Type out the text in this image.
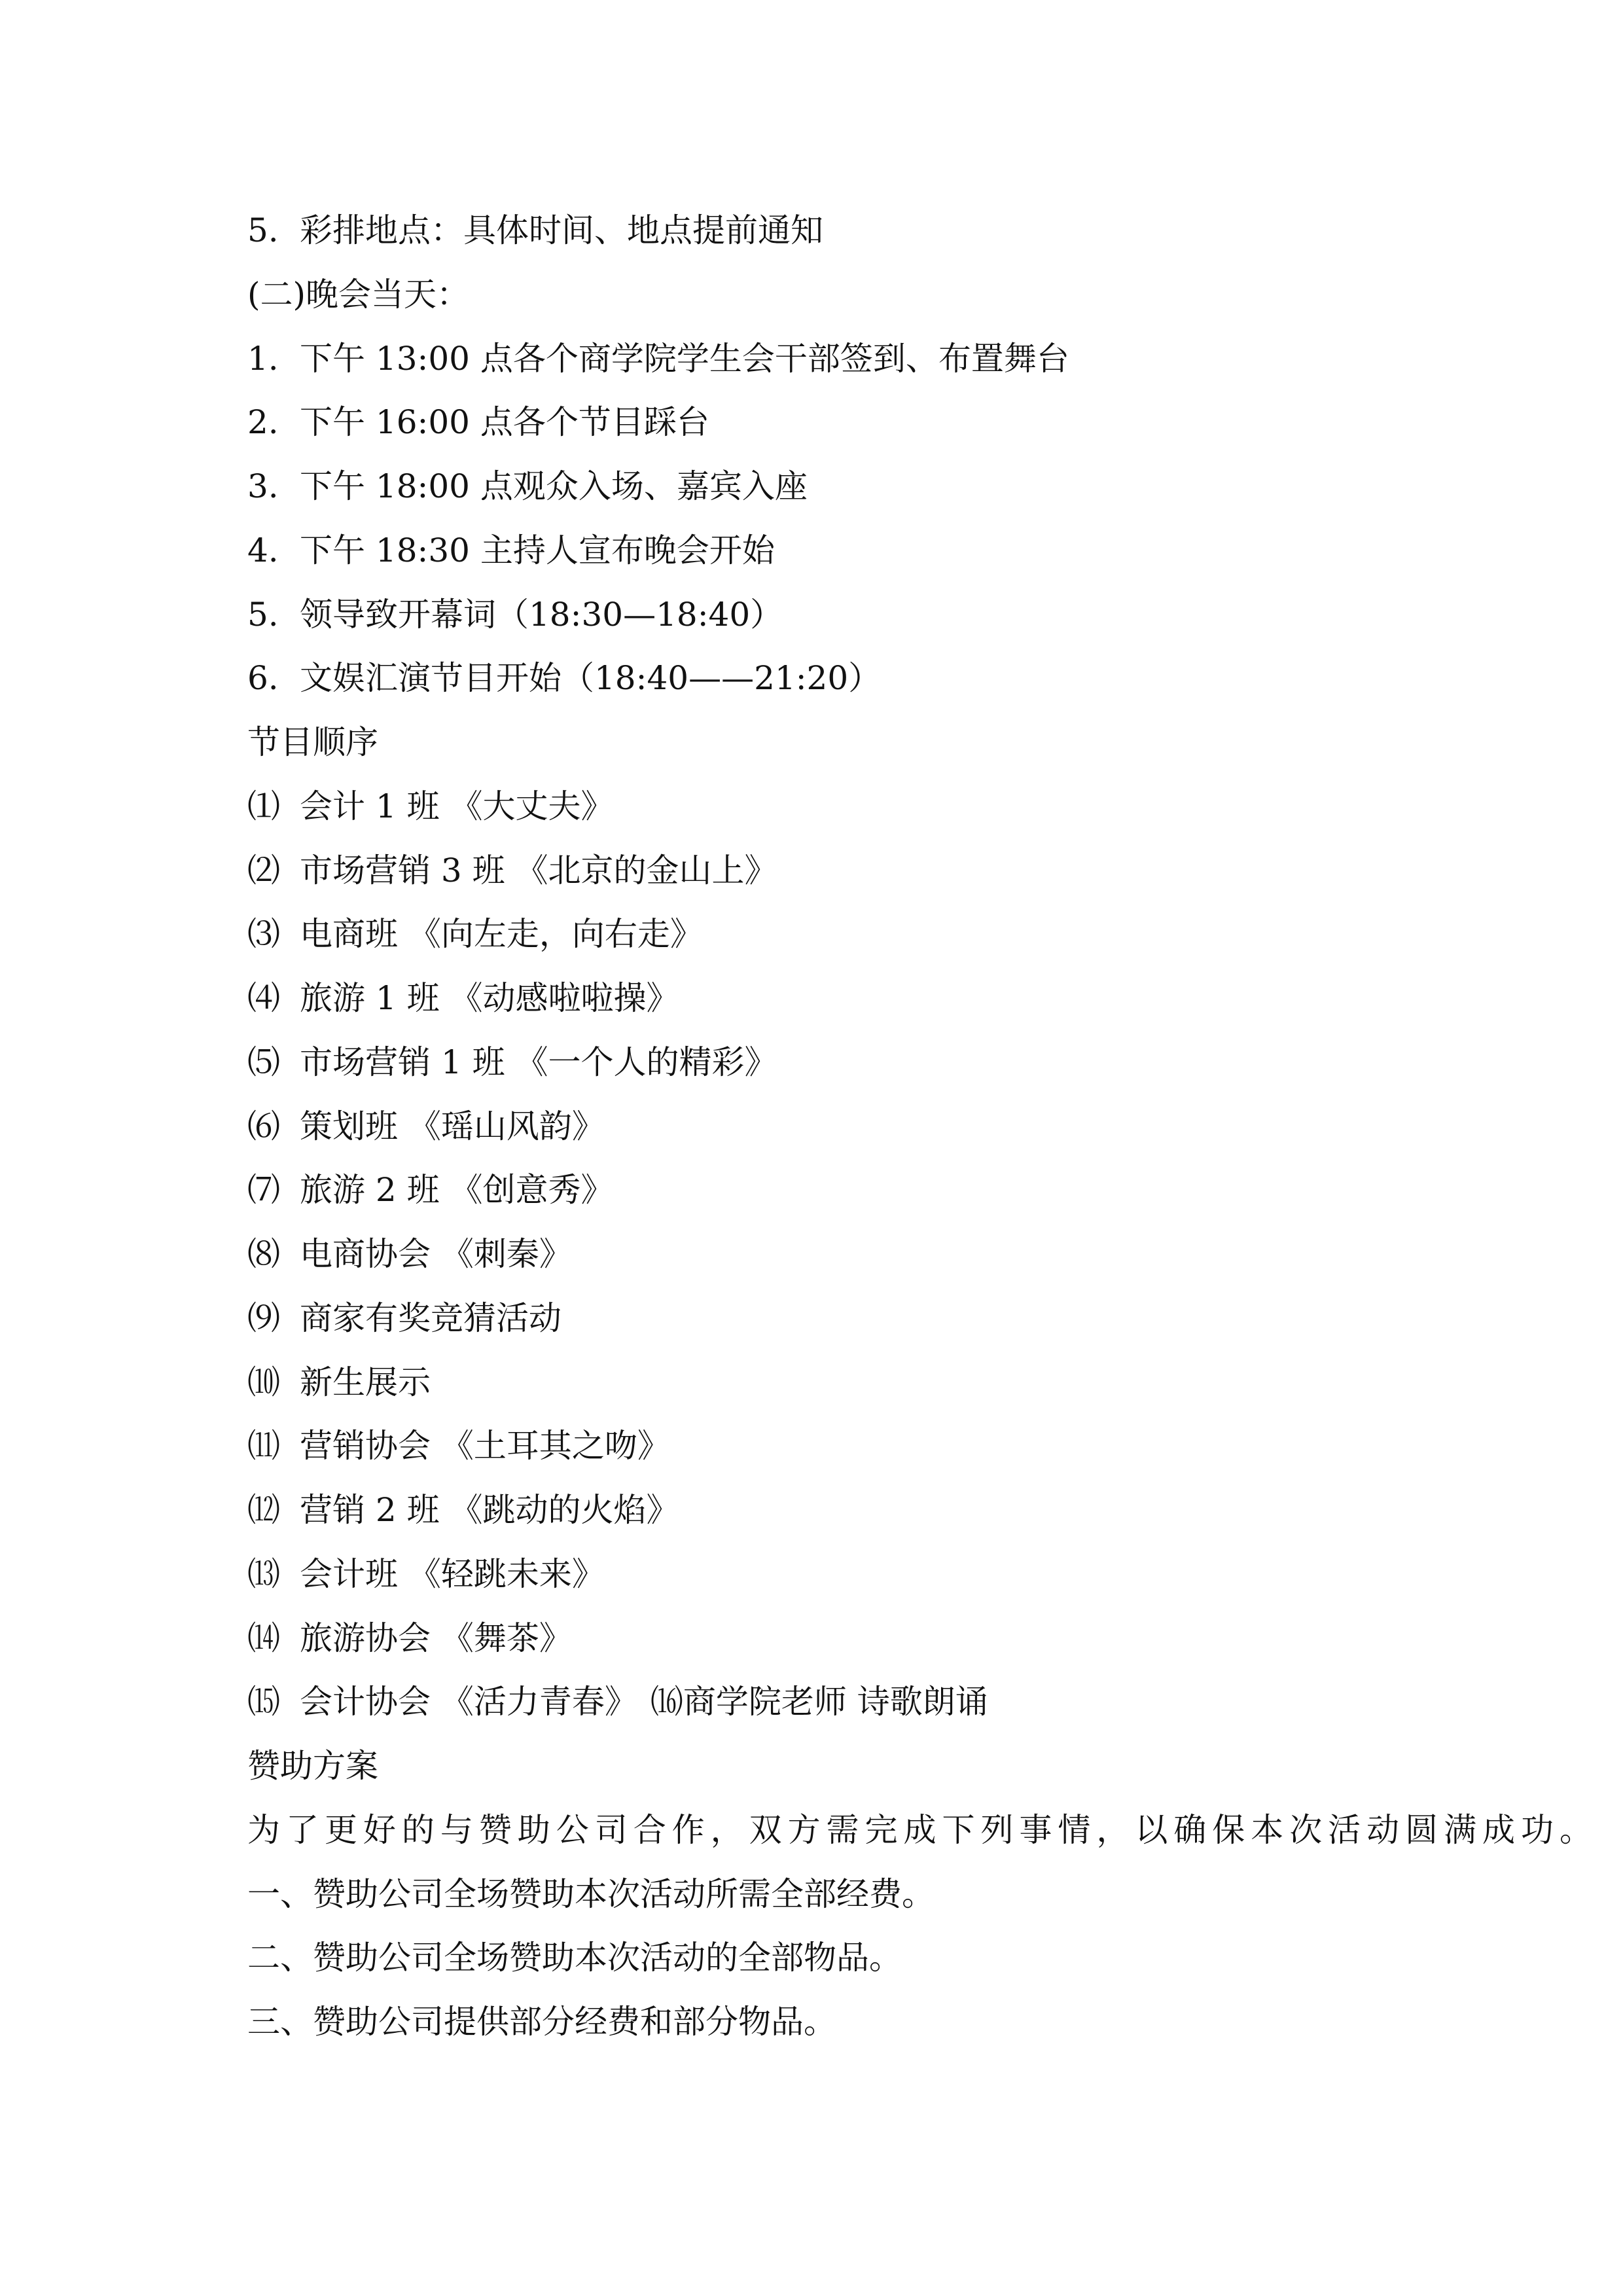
5. 彩排地点：具体时间、地点提前通知
(二)晚会当天：
1. 下午 13:00 点各个商学院学生会干部签到、布置舞台
2. 下午 16:00 点各个节目踩台
3. 下午 18:00 点观众入场、嘉宾入座
4. 下午 18:30 主持人宣布晚会开始
5. 领导致开幕词（18:30—18:40）
6. 文娱汇演节目开始（18:40——21:20）
节目顺序
⑴ 会计 1 班 《大丈夫》
⑵ 市场营销 3 班 《北京的金山上》
⑶ 电商班 《向左走，向右走》
⑷ 旅游 1 班 《动感啦啦操》
⑸ 市场营销 1 班 《一个人的精彩》
⑹ 策划班 《瑶山风韵》
⑺ 旅游 2 班 《创意秀》
⑻ 电商协会 《刺秦》
⑼ 商家有奖竞猜活动
⑽ 新生展示
⑾ 营销协会 《土耳其之吻》
⑿ 营销 2 班 《跳动的火焰》
⒀ 会计班 《轻跳未来》
⒁ 旅游协会 《舞茶》
⒂ 会计协会 《活力青春》 ⒃商学院老师 诗歌朗诵
赞助方案
为了更好的与赞助公司合作，双方需完成下列事情，以确保本次活动圆满成功。
一、赞助公司全场赞助本次活动所需全部经费。
二、赞助公司全场赞助本次活动的全部物品。
三、赞助公司提供部分经费和部分物品。
